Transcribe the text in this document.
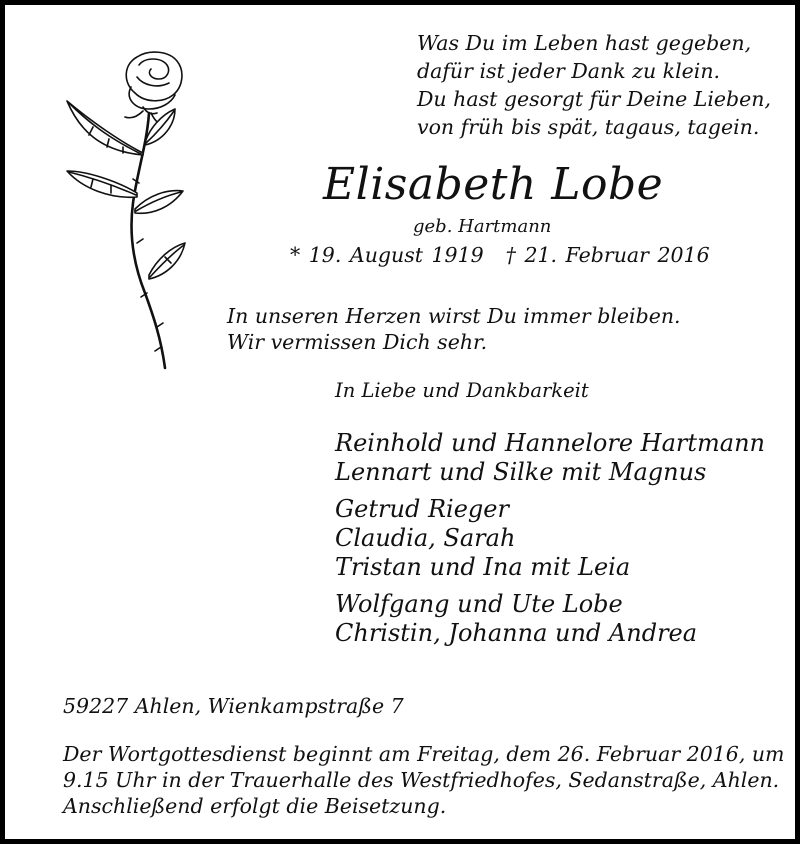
Was Du im Leben hast gegeben,
dafür ist jeder Dank zu klein.
Du hast gesorgt für Deine Lieben,
von früh bis spät, tagaus, tagein.
Elisabeth Lobe
geb. Hartmann
* 19. August 1919 † 21. Februar 2016
In unseren Herzen wirst Du immer bleiben.
Wir vermissen Dich sehr.
In Liebe und Dankbarkeit
Reinhold und Hannelore Hartmann
Lennart und Silke mit Magnus
Getrud Rieger
Claudia, Sarah
Tristan und Ina mit Leia
Wolfgang und Ute Lobe
Christin, Johanna und Andrea
59227 Ahlen, Wienkampstraße 7
Der Wortgottesdienst beginnt am Freitag, dem 26. Februar 2016, um
9.15 Uhr in der Trauerhalle des Westfriedhofes, Sedanstraße, Ahlen.
Anschließend erfolgt die Beisetzung.
